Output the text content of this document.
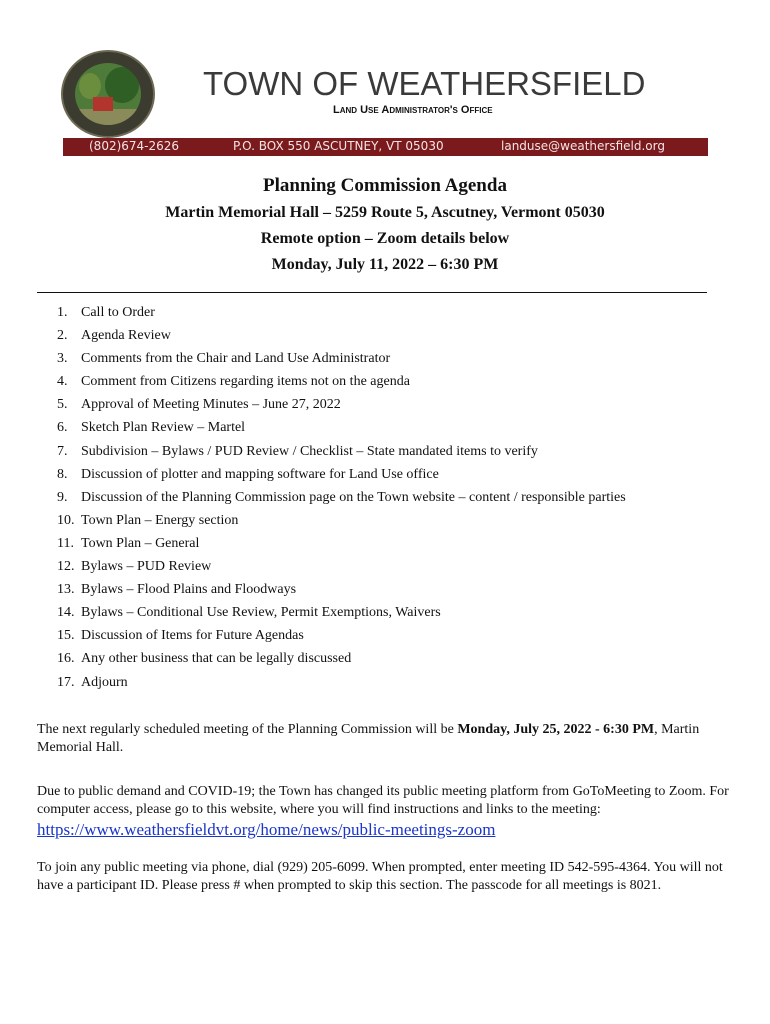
TOWN OF WEATHERSFIELD
Land Use Administrator's Office
(802)674-2626	P.O. BOX 550 ASCUTNEY, VT 05030	landuse@weathersfield.org
Planning Commission Agenda
Martin Memorial Hall – 5259 Route 5, Ascutney, Vermont 05030
Remote option – Zoom details below
Monday, July 11, 2022 – 6:30 PM
1. Call to Order
2. Agenda Review
3. Comments from the Chair and Land Use Administrator
4. Comment from Citizens regarding items not on the agenda
5. Approval of Meeting Minutes – June 27, 2022
6. Sketch Plan Review – Martel
7. Subdivision – Bylaws / PUD Review / Checklist – State mandated items to verify
8. Discussion of plotter and mapping software for Land Use office
9. Discussion of the Planning Commission page on the Town website – content / responsible parties
10. Town Plan – Energy section
11. Town Plan – General
12. Bylaws – PUD Review
13. Bylaws – Flood Plains and Floodways
14. Bylaws – Conditional Use Review, Permit Exemptions, Waivers
15. Discussion of Items for Future Agendas
16. Any other business that can be legally discussed
17. Adjourn
The next regularly scheduled meeting of the Planning Commission will be Monday, July 25, 2022 - 6:30 PM, Martin Memorial Hall.
Due to public demand and COVID-19; the Town has changed its public meeting platform from GoToMeeting to Zoom. For computer access, please go to this website, where you will find instructions and links to the meeting:
https://www.weathersfieldvt.org/home/news/public-meetings-zoom
To join any public meeting via phone, dial (929) 205-6099. When prompted, enter meeting ID 542-595-4364. You will not have a participant ID. Please press # when prompted to skip this section. The passcode for all meetings is 8021.
